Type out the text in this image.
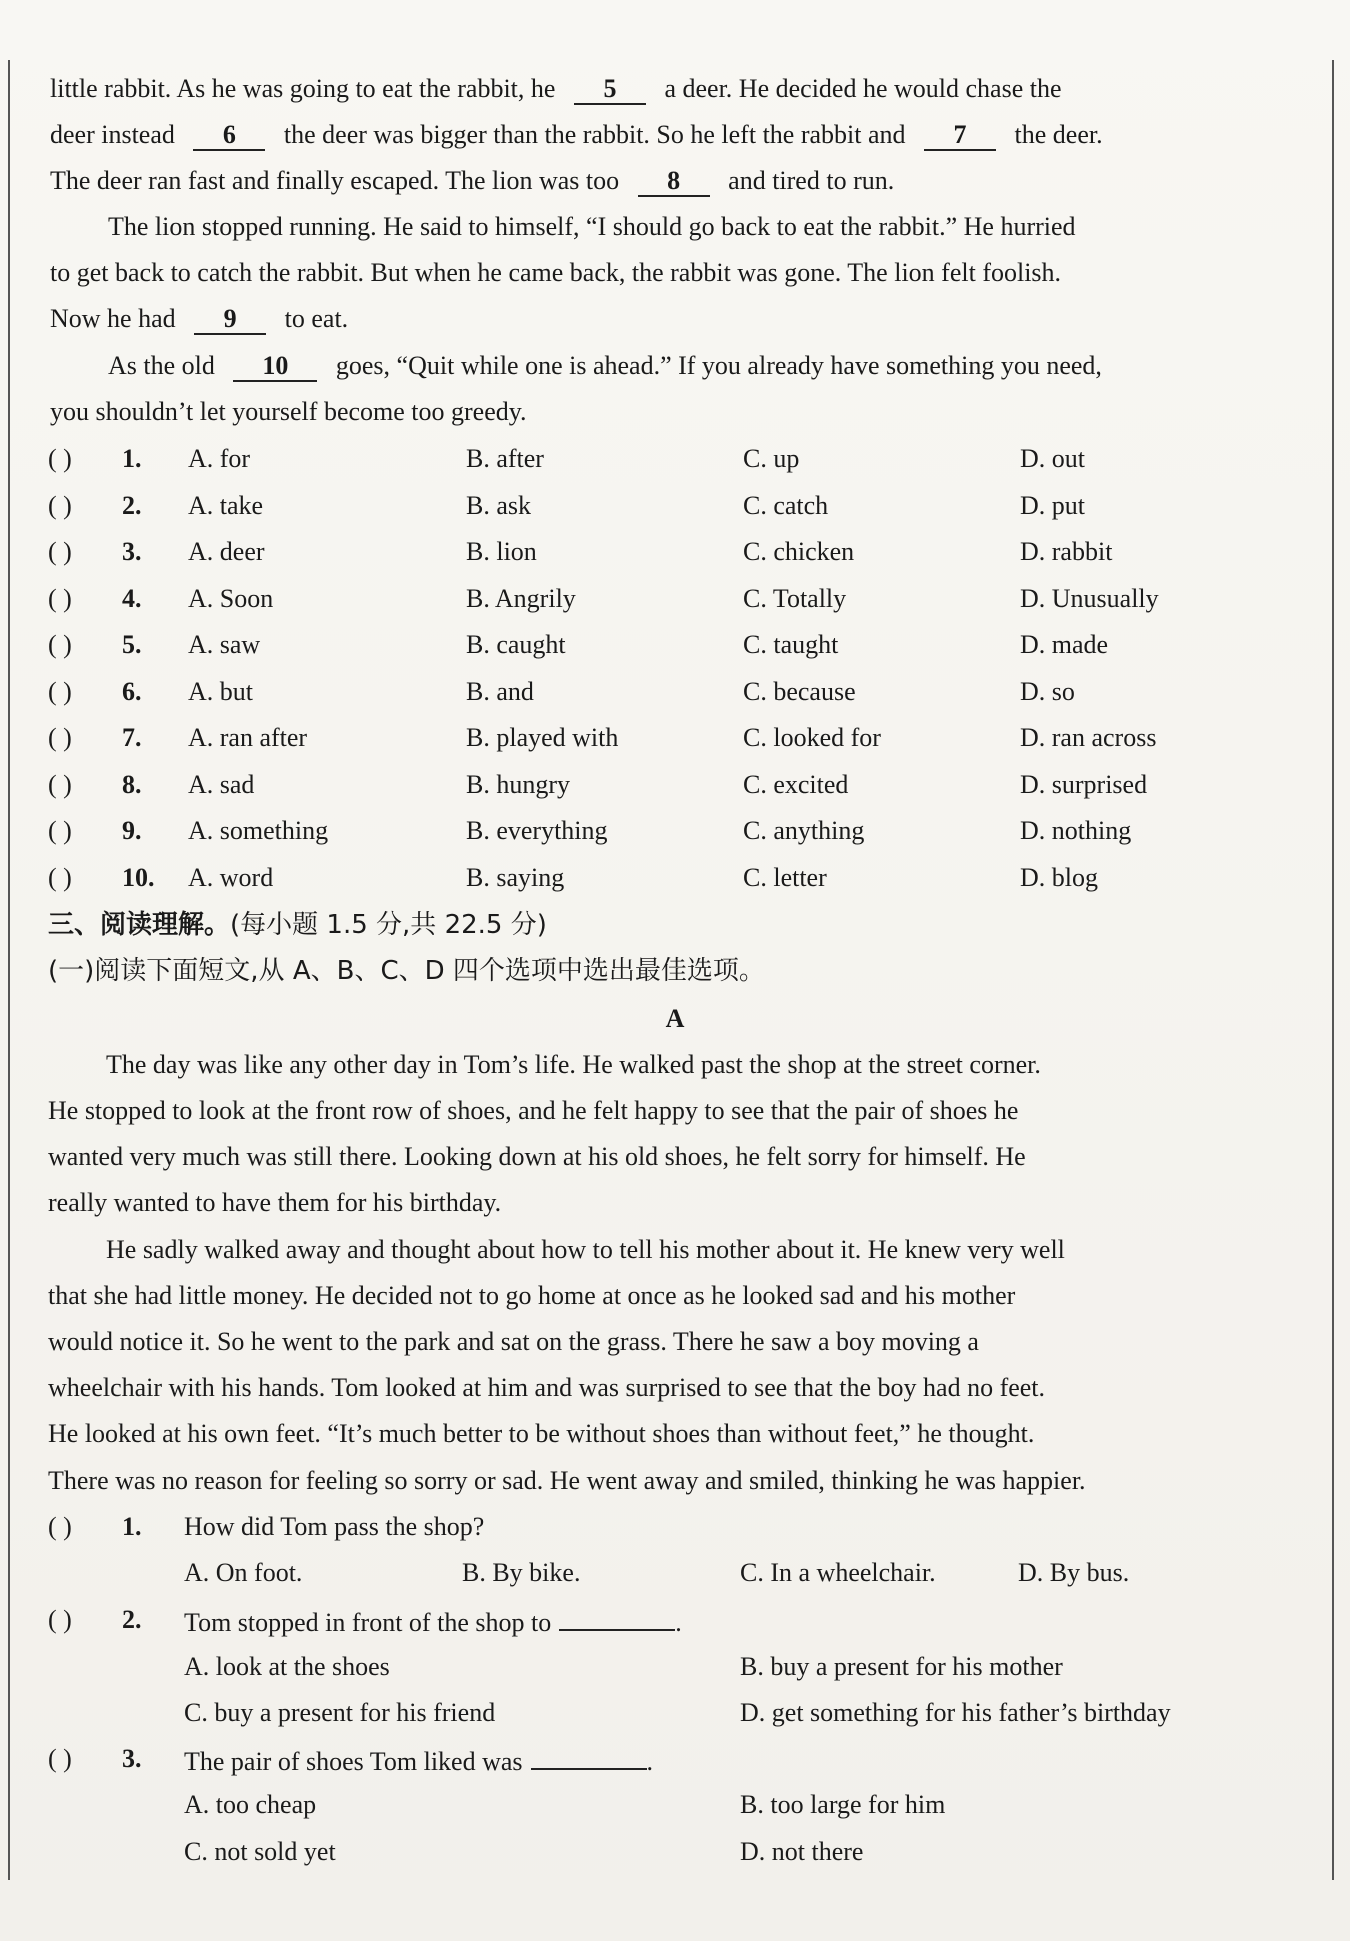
little rabbit. As he was going to eat the rabbit, he 5 a deer. He decided he would chase the
deer instead 6 the deer was bigger than the rabbit. So he left the rabbit and 7 the deer.
The deer ran fast and finally escaped. The lion was too 8 and tired to run.
The lion stopped running. He said to himself, “I should go back to eat the rabbit.” He hurried
to get back to catch the rabbit. But when he came back, the rabbit was gone. The lion felt foolish.
Now he had 9 to eat.
As the old 10 goes, “Quit while one is ahead.” If you already have something you need,
you shouldn’t let yourself become too greedy.
( ) 1. A. for	B. after	C. up	D. out
( ) 2. A. take	B. ask	C. catch	D. put
( ) 3. A. deer	B. lion	C. chicken	D. rabbit
( ) 4. A. Soon	B. Angrily	C. Totally	D. Unusually
( ) 5. A. saw	B. caught	C. taught	D. made
( ) 6. A. but	B. and	C. because	D. so
( ) 7. A. ran after	B. played with	C. looked for	D. ran across
( ) 8. A. sad	B. hungry	C. excited	D. surprised
( ) 9. A. something	B. everything	C. anything	D. nothing
( ) 10. A. word	B. saying	C. letter	D. blog
三、阅读理解。(每小题 1.5 分,共 22.5 分)
(一)阅读下面短文,从 A、B、C、D 四个选项中选出最佳选项。
A
The day was like any other day in Tom’s life. He walked past the shop at the street corner.
He stopped to look at the front row of shoes, and he felt happy to see that the pair of shoes he
wanted very much was still there. Looking down at his old shoes, he felt sorry for himself. He
really wanted to have them for his birthday.
He sadly walked away and thought about how to tell his mother about it. He knew very well
that she had little money. He decided not to go home at once as he looked sad and his mother
would notice it. So he went to the park and sat on the grass. There he saw a boy moving a
wheelchair with his hands. Tom looked at him and was surprised to see that the boy had no feet.
He looked at his own feet. “It’s much better to be without shoes than without feet,” he thought.
There was no reason for feeling so sorry or sad. He went away and smiled, thinking he was happier.
( ) 1. How did Tom pass the shop?
A. On foot.	B. By bike.	C. In a wheelchair.	D. By bus.
( ) 2. Tom stopped in front of the shop to	.
A. look at the shoes	B. buy a present for his mother
C. buy a present for his friend	D. get something for his father’s birthday
( ) 3. The pair of shoes Tom liked was	.
A. too cheap	B. too large for him
C. not sold yet	D. not there
